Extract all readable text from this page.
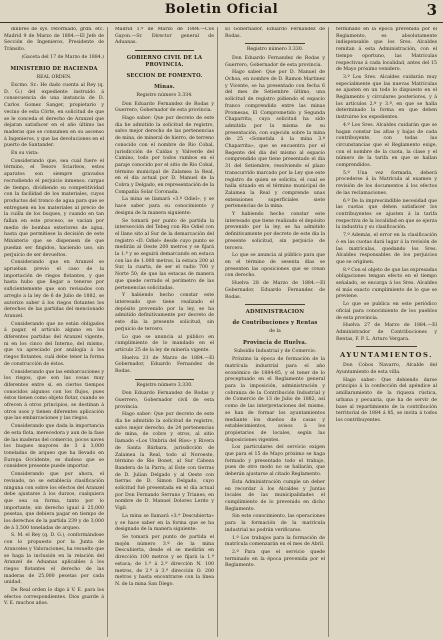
Boletin Oficial	3

dinbres de sys. reformado, grdn. etc. Madrid 9 de Marzo de 1884.—El Jefe de Sección de Ingenieros, Presidente de Tránsito.

(Gaceta del 17 de Marzo de 1884.)

MINISTERIO DE HACIENDA

REAL ORDEN.

Excmo. Sr.: He dado cuenta al Rey (q. D. G.) del expediente instruido á consecuencia de una instancia de D. Carlos Gomez Sanger, propietario y vecino de esta Córte, en solicitud de que se le conceda el derecho de Aranzel que dejaran satisfacer en el año último las maderas que se consumen en su ascenso á Ingenieros, y que las devoluciones en el puerto de Santander.

En su vista:

Considerando que, sea cual fuere el término, el Tesoro Sciarleos, estos aparatos son siempre gravados recrudiendo el perjuicio inmenso, cargas de tiempo, dividiendo su competitividad con la facilidad de los materiales, cuyos productos del tronco de agua para que se entreguen en los materiales al precio de la cuilla de los buques, y cuando en tan fallan en este proceso, se vacian por medio de bombas exteriores de agua, hasta que permitiese la decisión de este Ministerio que se dispensen de que puedan ser fingidos, haciendo uso, sin perjuicio de ser devueltos.

Considerando que en Aranzel se aprueban previo el caso de la importación de riegos flotantes, y que hasta hubo que llegar a tenerse por suficientemente que son revisados con arreglo a la ley de 6 de Julio de 1882, se autorizo saber á los riegos flotantes los derechos de las partidas del mencionado Aranzel.

Considerando que no están obligados á pagar, el artículo alguno en los diferentes partidas del Aranzel vigente, ni en los cinco del Interno, del mismo, que va apreciado por análogía á los riegos flotantes, cuál debe tener la forma de construcción de éstos.

Considerando que las embarcaciones y los riegos, que son las cosas muy diferentes entre sí, en ciertos tiempos conocidos algunos con los flujos, pues éstos tienen como objeto flotar, cuando se ofrecen á otros principios, se destinan á otros usos y tienen diferentes aplicación que las embarcaciones y las riegos.

Considerando que dada la importancia de esta flota, merecedora y aun de la fase de las maderas del comercio, pocos naves los buques mayores de 3 á 3,000 toneladas de arqueo que ha llevado en Europa Occidente, es dudoso que se considere presente puede importar.

Considerando que por ahora, el revisado, no se establecía clasificación ninguna con sobre los efectos del Aranzel debe ajustarse á los durzos, cualquiera que sea su forma, tanto por lo importante, sin derecho igual á 25,000 pesetas, que debiera pagar en tiempo de los derechos de la partida 239 y de 3,000 de á 3,500 toneladas de arqueo.

S. M. el Rey (q. D. G.), conformándose con lo propuesto por la Junta de Aranceles y Valoraciones, ha resuelto que se haga la inclusión en la relación del Aranzel de Aduanas aplicables á los riegos flotantes el derecho de las maderas de 25,000 pesetas por cada unidad.

De Real orden lo digo á V. E. para los efectos correspondientes. Dios guarde á V. E. muchos años.

Madrid 1.º de Marzo de 1884.—Cos Gayon.—Sr. Director general de Aduanas.

GOBIERNO CIVIL DE LA PROVINCIA.
SECCION DE FOMENTO.
Minas.

Registro número 3.334.

Don Eduardo Fernandez de Rodas y Guerrero, Gobernador de esta provincia.

Hago saber: Que por decreto de este dia he admitido la solicitud de registro, salvo mejor derecho de las pertenencias de mina, de mineral de hierro, de terreno conocido con el nombre de Rio Cobal, jurisdicción de Caldas y Valverde del Camino, todo por todos rumbos en el paraje conocido por el sitio de Rio Cobal, término municipal de Zalamea la Real, en el dia actual por D. Manuel de la Cobra y Delgado, en representación de la Compañía Solar Coronada.

La mina se llamará «3.º Odiel», y se hace saber para su conocimiento y designa de la manera siguiente:

Se tomará por punto de partida la intersección del Tebeg con Rio Odiel con el llano sito al Sur de la demarcación del registro «D. Odiel» desde cuyo punto se medirán al Oeste 200 metros y se fijará la 1.ª y se seguirá demarcando en estaca con las de 1.000 metros, la estaca 200 al Sur, la cuarta, de ser el radio 700 y Norte 50; de que las estacas de manera que quede cerrado el perímetro de las pertenencias solicitadas.

Y habiendo hecho constar este interesado que tiene realizado el depósito prevenido por la ley, se ha admitido definitivamente por decreto de este dia la presente solicitud, sin perjuicio de tercero.

Lo que se anuncia al público en cumplimiento de lo mandado en el artículo 25 de la ley de minería vigente.

Huelva 21 de Marzo de 1884.—El Gobernador, Eduardo Fernandez de Rodas.

Registro número 3.330.

Don Eduardo Fernandez de Rodas y Guerrero, Gobernador civil de esta provincia.

Hago saber: Que por decreto de este dia he admitido la solicitud de registro, salvo mejor derecho, de 24 pertenencias de mina, de cobre y otros, al sitio llamado «Los Umbria del Ríos» y Rivera de Santa Bárbara, jurisdicción de Zalamea la Real, todo al Noroeste, término de Rio Bonet, al Sur Cabeza Bandera de la Parra; al Este con tierras de D. Julian Delgado y al Oeste con tierras de D. Simon Delgado, cuyo solicitud fué presentada en el día actual por Don Fernando Serrano y Trianes, en nombre de D. Manuel Dolores Lerdo y Vigil.

La mina se llamará «3.ª Descubierta» y se hace saber en la forma que se ha designado de la manera siguiente:

Se tomará por punto de partida el mojón número 3.º de la mina Descubierta, desde el se medirán en dirección 100 metros y se fijará la 1.ª estaca; de 1.ª á 2.ª dirección N. 100 metros, de 2.ª á 3.ª dirección O. 200 metros y hasta encontrarse con la linea N. de la mina San Diego.

El Gobernador, Eduardo Fernandez de Rodas.

Registro número 3.330.

Don Eduardo Fernandez de Rodas y Guerrero, Gobernador de esta provincia.

Hago saber: Que por D. Manuel de Ochoa, en nombre de D. Ramon Martinez y Vicente, se ha presentado con fecha 6 del mes de Setiembre último, una solicitud de registro pidiendo el espacio franco comprendido entre las minas Promesas, El Comprometido y Segunda Chaparrita; cuya solicitud ha sido admitida por la misma de su presentación, con sujeción sobre la mina de 25 «Sometida á la mina 3.º Chaparrita», que se encuentra por el Regente del dia del mismo al espacio comprendido que tiene presentado el dia 31 del Setiembre, resolviendo el plazo transcurrido marcado por la Ley que este registro de quien se solicita, el cual se halla situado en el término municipal de Zalamea la Real y comprende unas extensiones superficiales siete pertenencias de la mina.

Y habiendo hecho constar este interesado que tiene realizado el depósito prevenido por la ley, se ha admitido definitivamente por decreto de este dia la presente solicitud, sin perjuicio de tercero.

Lo que se anuncia al público para que en el término de sesenta días se presenten las oposiciones que se crean con derecho.

Huelva 28 de Marzo de 1884.—El Gobernador, Eduardo Fernandez de Rodas.

ADMINISTRACION
de Contribuciones y Rentas

de la

Provincia de Huelva.

Subsidio Industrial y de Comercio.

Próximo la época de formación de la matrícula industrial para el año económico de 1884-85, y el tener de lo preceptuado en el Reglamento general para la imposición, administración y cobranza de la Contribución Industrial y de Comercio de 13 de Julio de 1882, así como de las interpretaciones del mismo, se han de formar los ayuntamientos mediante los dueños de casas y establecimientos, avisos á los propietarios de locales, según las disposiciones vigentes.

Los particulares del servicio exigen que para el 15 de Mayo próximo se haga formado y presentado todo el trabajo, pues de otro modo no se hallarán, que deberán ajustarse al citado Reglamento.

Esta Administración cumple un deber en recordar á los Alcaldes y Juntas locales de las municipalidades el cumplimiento de lo prevenido en dicho Reglamento.

Sin este conocimiento, las operaciones para la formación de la matrícula industrial no podrán verificarse.

1.º Los trabajos para la formación de matrícula comenzarán en el mes de Abril.

2.º Para que el servicio quede terminado en la época prevenida por el Reglamento.

terminado en la época prevenida por el Reglamento, es absolutamente indispensable que los Sres. Alcaldes remitan á esta Administración, con el tiempo oportuno, las Matrículas respectivas á cada localidad, antes del 15 de Mayo próximo venidero.

3.º Los Sres. Alcaldes cuidarán muy especialmente que las nuevas Matrículas se ajusten en un todo lo dispuesto en el Reglamento y circulares posteriores, y á los artículos 2.º y 3.º, en que se halla determinado la forma en que deben instruirse los expedientes.

4.º Los Sres. Alcaldes cuidarán que se hagan constar las altas y bajas de cada contribuyente, con todas las circunstancias que el Reglamento exige, con el nombre de la cuota, la clase y el número de la tarifa en que se hallan comprendidos.

5.º Una vez formada, deberá procederse á la Matrícula al examen y revisión de los documentos á los efectos de las reclamaciones.

6.º De la imprescindible necesidad que las cuotas que deben satisfacer los contribuyentes se ajusten á la tarifa respectiva de la localidad en que se ejerza la industria y su clasificación.

7.º Además, el error en la clasificación ó en las cuotas dará lugar á la revisión de las matrículas, quedando los Sres. Alcaldes responsables de los perjuicios que se originen.

8.º Con el objeto de que las expresadas obligaciones tengan efecto en el tiempo señalado, se encarga á los Sres. Alcaldes el más exacto cumplimiento de lo que se previene.

Lo que se publica en este periódico oficial para conocimiento de los pueblos de esta provincia.

Huelva 27 de Marzo de 1884.—El Administrador de Contribuciones y Rentas, F. P. L. Arturo Vergara.

AYUNTAMIENTOS.

Don Cobos Navarro, Alcalde del Ayuntamiento de esta villa.

Hago saber: Que debiendo darse principio á la confección del apéndice al amillaramiento de la riqueza rústica, urbana y pecuaria, que ha de servir de base al repartimiento de la contribución territorial de 1884 á 85, se invita á todos los contribuyentes.
